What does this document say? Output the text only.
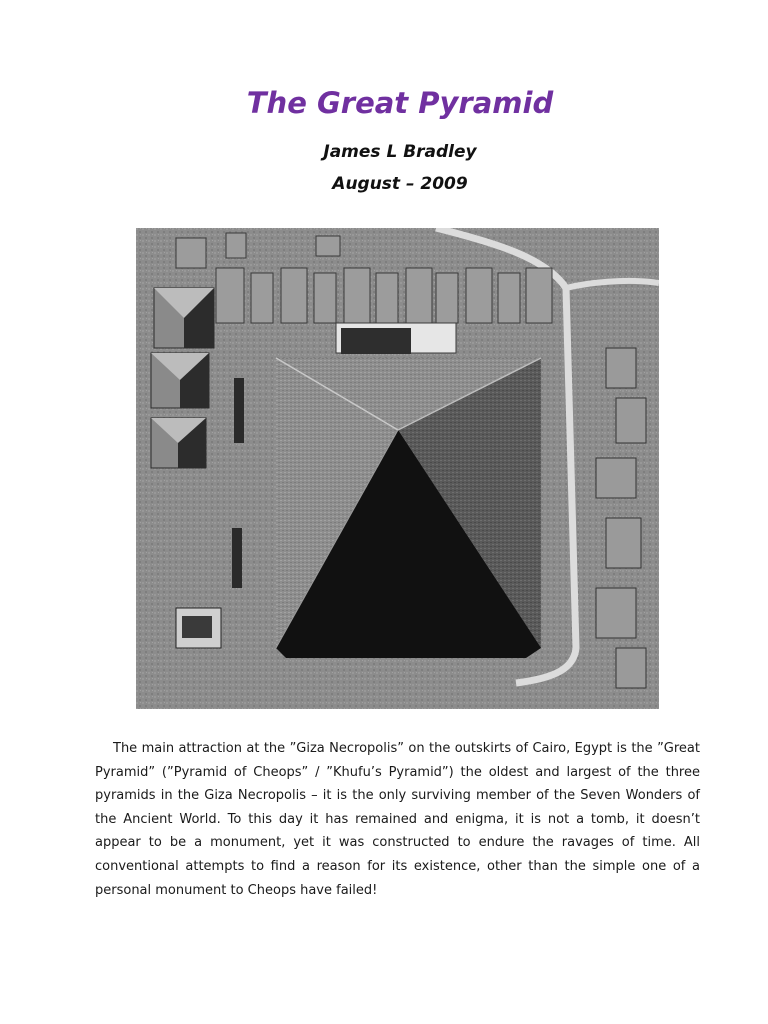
The Great Pyramid

James L Bradley

August – 2009

The main attraction at the ”Giza Necropolis” on the outskirts of Cairo, Egypt is the ”Great Pyramid” (”Pyramid of Cheops” / ”Khufu’s Pyramid”) the oldest and largest of the three pyramids in the Giza Necropolis – it is the only surviving member of the Seven Wonders of the Ancient World. To this day it has remained and enigma, it is not a tomb, it doesn’t appear to be a monument, yet it was constructed to endure the ravages of time. All conventional attempts to find a reason for its existence, other than the simple one of a personal monument to Cheops have failed!
